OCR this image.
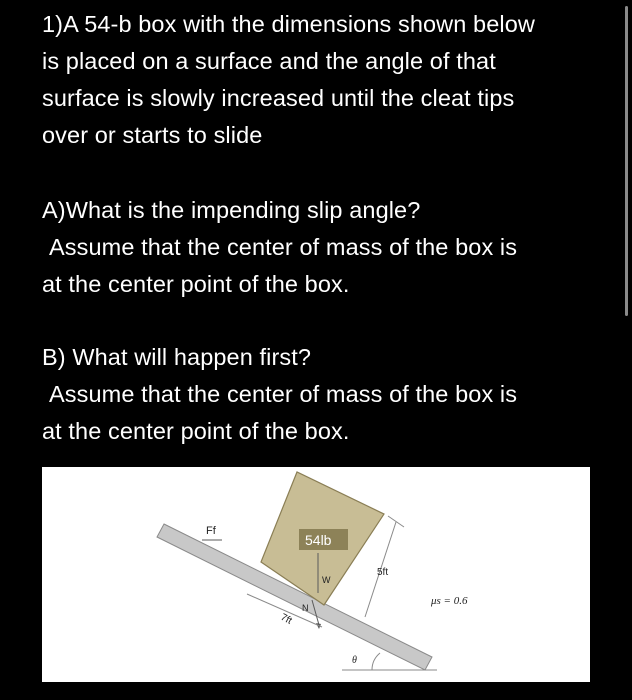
1)A 54-b box with the dimensions shown below
is placed on a surface and the angle of that
surface is slowly increased until the cleat tips
over or starts to slide
A)What is the impending slip angle?
Assume that the center of mass of the box is
at the center point of the box.
B) What will happen first?
Assume that the center of mass of the box is
at the center point of the box.
Ff
54lb
W
N
7ft
5ft
μs = 0.6
θ
